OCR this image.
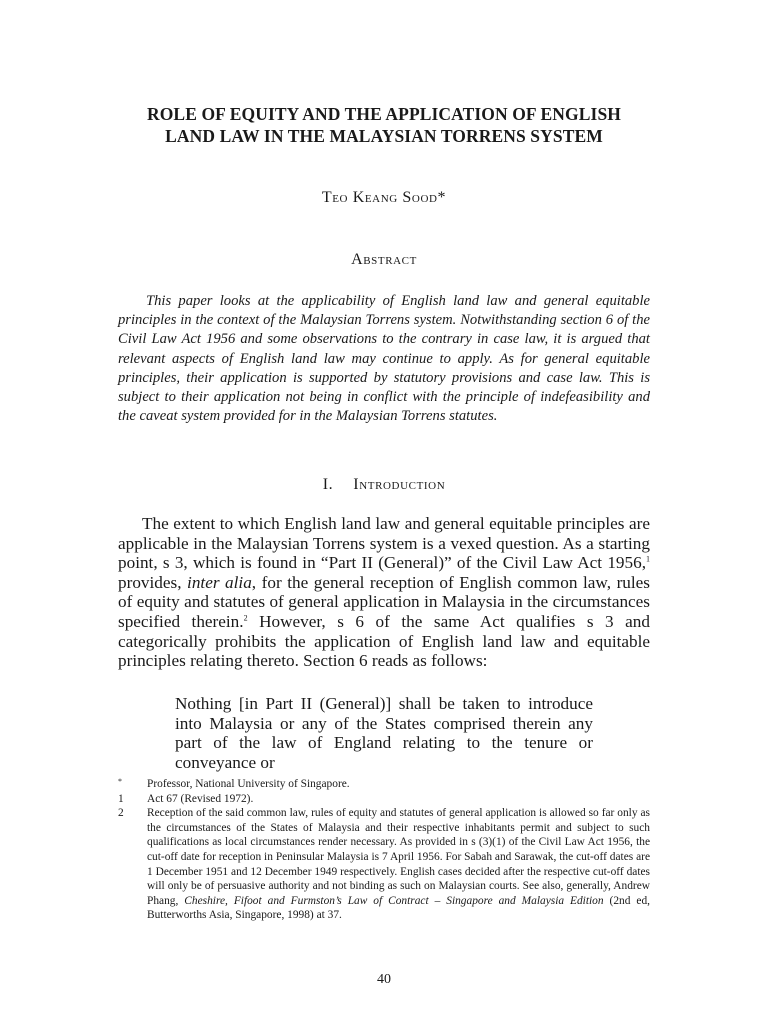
ROLE OF EQUITY AND THE APPLICATION OF ENGLISH
LAND LAW IN THE MALAYSIAN TORRENS SYSTEM
Teo Keang Sood*
Abstract

This paper looks at the applicability of English land law and general equitable principles in the context of the Malaysian Torrens system. Notwithstanding section 6 of the Civil Law Act 1956 and some observations to the contrary in case law, it is argued that relevant aspects of English land law may continue to apply. As for general equitable principles, their application is supported by statutory provisions and case law. This is subject to their application not being in conflict with the principle of indefeasibility and the caveat system provided for in the Malaysian Torrens statutes.

I. Introduction

The extent to which English land law and general equitable principles are applicable in the Malaysian Torrens system is a vexed question. As a starting point, s 3, which is found in “Part II (General)” of the Civil Law Act 1956,$^1$ provides, inter alia, for the general reception of English common law, rules of equity and statutes of general application in Malaysia in the circumstances specified therein.$^2$ However, s 6 of the same Act qualifies s 3 and categorically prohibits the application of English land law and equitable principles relating thereto. Section 6 reads as follows:

Nothing [in Part II (General)] shall be taken to introduce into Malaysia or any of the States comprised therein any part of the law of England relating to the tenure or conveyance or

* Professor, National University of Singapore.

1 Act 67 (Revised 1972).

2 Reception of the said common law, rules of equity and statutes of general application is allowed so far only as the circumstances of the States of Malaysia and their respective inhabitants permit and subject to such qualifications as local circumstances render necessary. As provided in s (3)(1) of the Civil Law Act 1956, the cut-off date for reception in Peninsular Malaysia is 7 April 1956. For Sabah and Sarawak, the cut-off dates are 1 December 1951 and 12 December 1949 respectively. English cases decided after the respective cut-off dates will only be of persuasive authority and not binding as such on Malaysian courts. See also, generally, Andrew Phang, Cheshire, Fifoot and Furmston’s Law of Contract – Singapore and Malaysia Edition (2nd ed, Butterworths Asia, Singapore, 1998) at 37.

40
